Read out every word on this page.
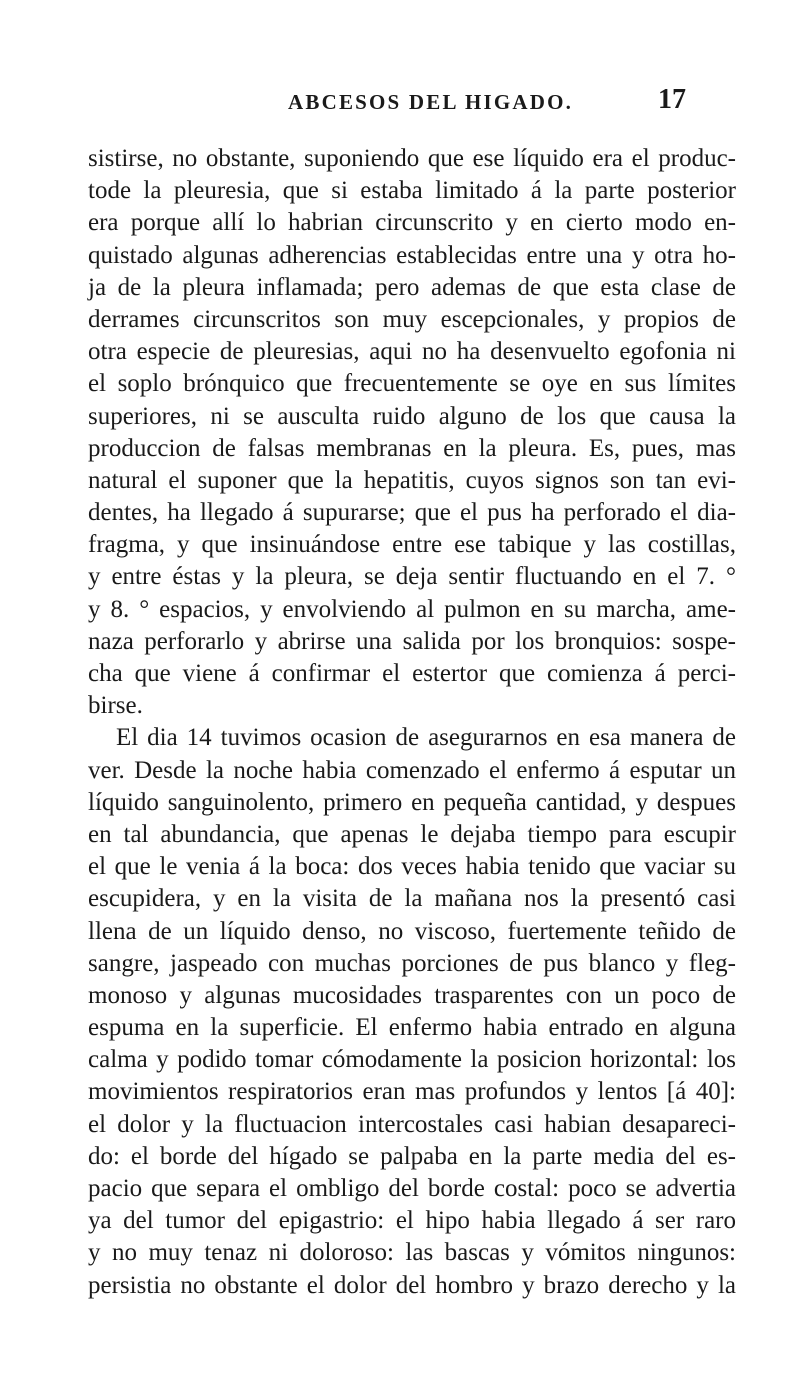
ABCESOS DEL HIGADO.	17
sistirse, no obstante, suponiendo que ese líquido era el produc-
tode la pleuresia, que si estaba limitado á la parte posterior
era porque allí lo habrian circunscrito y en cierto modo en-
quistado algunas adherencias establecidas entre una y otra ho-
ja de la pleura inflamada; pero ademas de que esta clase de
derrames circunscritos son muy escepcionales, y propios de
otra especie de pleuresias, aqui no ha desenvuelto egofonia ni
el soplo brónquico que frecuentemente se oye en sus límites
superiores, ni se ausculta ruido alguno de los que causa la
produccion de falsas membranas en la pleura. Es, pues, mas
natural el suponer que la hepatitis, cuyos signos son tan evi-
dentes, ha llegado á supurarse; que el pus ha perforado el dia-
fragma, y que insinuándose entre ese tabique y las costillas,
y entre éstas y la pleura, se deja sentir fluctuando en el 7. °
y 8. ° espacios, y envolviendo al pulmon en su marcha, ame-
naza perforarlo y abrirse una salida por los bronquios: sospe-
cha que viene á confirmar el estertor que comienza á perci-
birse.
El dia 14 tuvimos ocasion de asegurarnos en esa manera de
ver. Desde la noche habia comenzado el enfermo á esputar un
líquido sanguinolento, primero en pequeña cantidad, y despues
en tal abundancia, que apenas le dejaba tiempo para escupir
el que le venia á la boca: dos veces habia tenido que vaciar su
escupidera, y en la visita de la mañana nos la presentó casi
llena de un líquido denso, no viscoso, fuertemente teñido de
sangre, jaspeado con muchas porciones de pus blanco y fleg-
monoso y algunas mucosidades trasparentes con un poco de
espuma en la superficie. El enfermo habia entrado en alguna
calma y podido tomar cómodamente la posicion horizontal: los
movimientos respiratorios eran mas profundos y lentos [á 40]:
el dolor y la fluctuacion intercostales casi habian desapareci-
do: el borde del hígado se palpaba en la parte media del es-
pacio que separa el ombligo del borde costal: poco se advertia
ya del tumor del epigastrio: el hipo habia llegado á ser raro
y no muy tenaz ni doloroso: las bascas y vómitos ningunos:
persistia no obstante el dolor del hombro y brazo derecho y la
